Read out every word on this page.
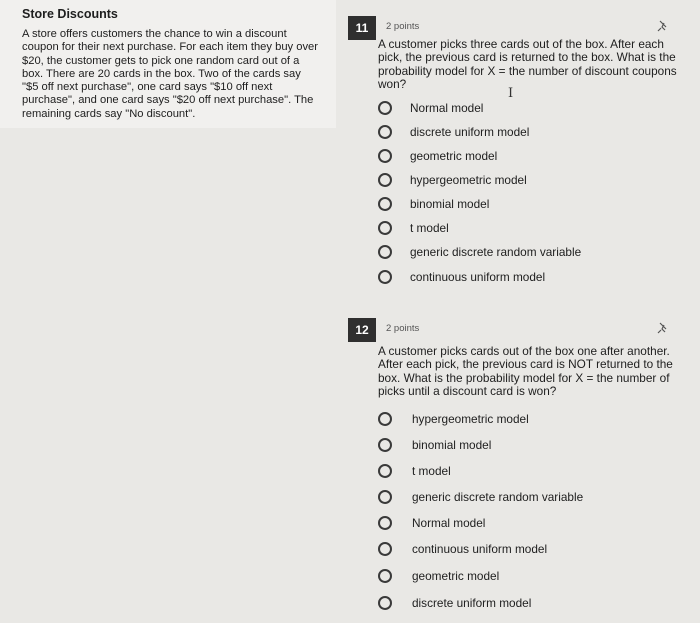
Store Discounts
A store offers customers the chance to win a discount coupon for their next purchase. For each item they buy over $20, the customer gets to pick one random card out of a box. There are 20 cards in the box. Two of the cards say "$5 off next purchase", one card says "$10 off next purchase", and one card says "$20 off next purchase". The remaining cards say "No discount".
11	2 points
A customer picks three cards out of the box. After each pick, the previous card is returned to the box. What is the probability model for X = the number of discount coupons won?
I
Normal model
discrete uniform model
geometric model
hypergeometric model
binomial model
t model
generic discrete random variable
continuous uniform model
12	2 points
A customer picks cards out of the box one after another. After each pick, the previous card is NOT returned to the box. What is the probability model for X = the number of picks until a discount card is won?
hypergeometric model
binomial model
t model
generic discrete random variable
Normal model
continuous uniform model
geometric model
discrete uniform model
